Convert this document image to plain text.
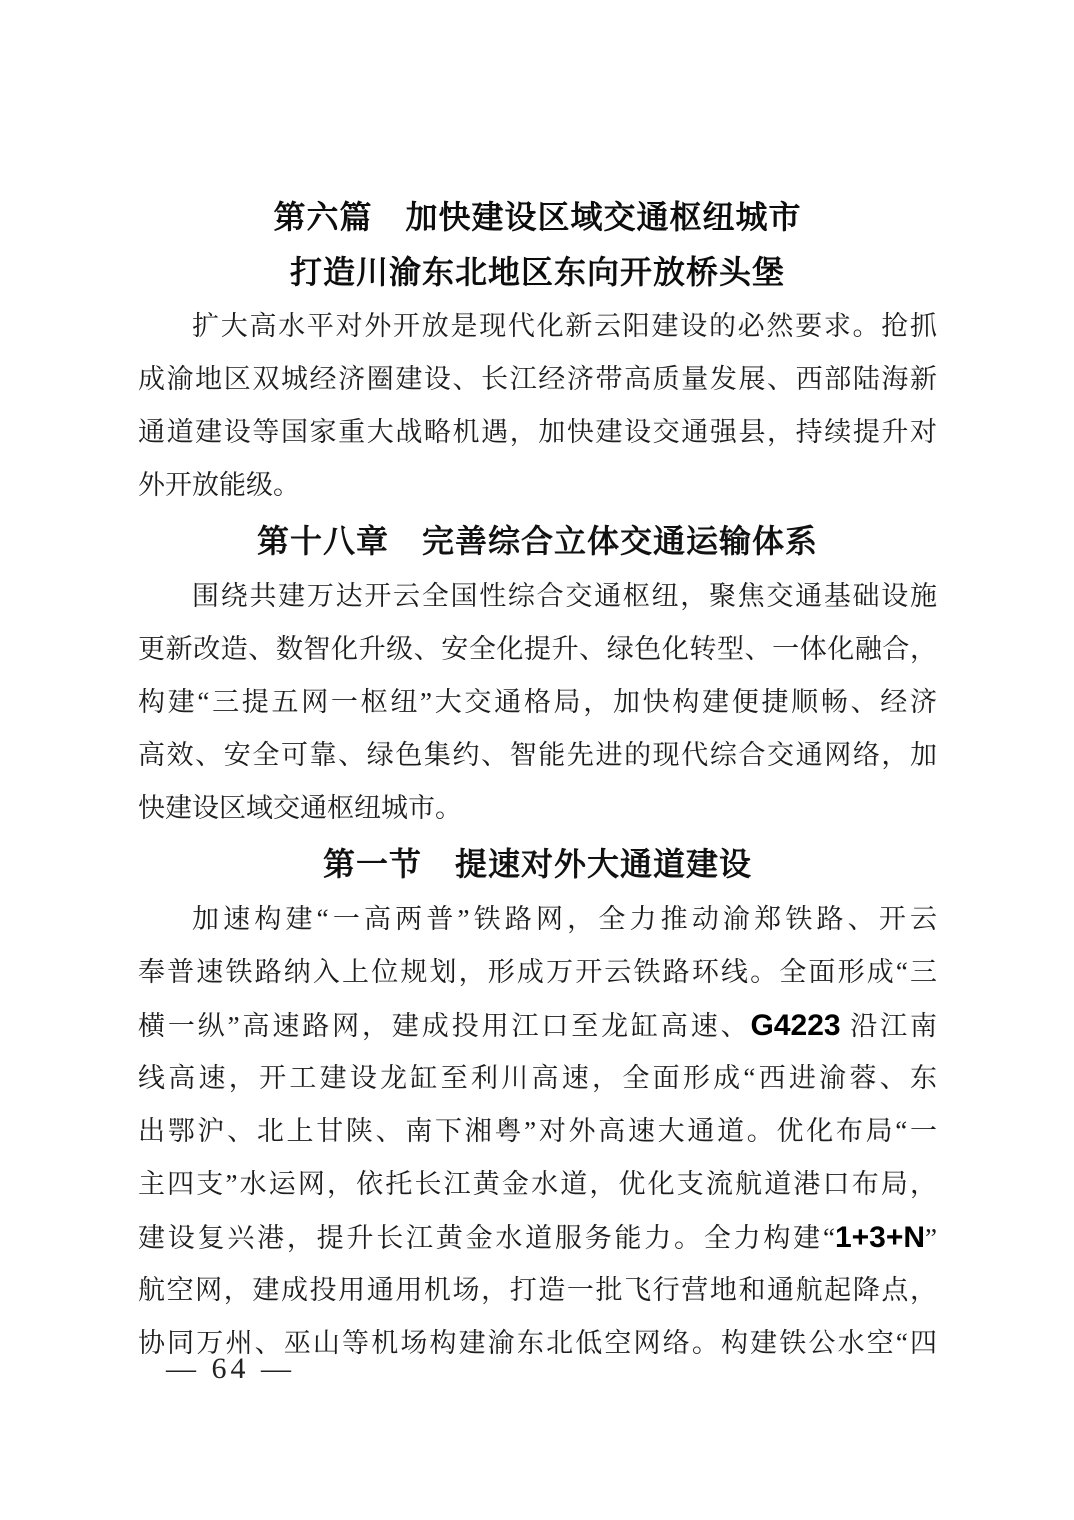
第六篇　加快建设区域交通枢纽城市
打造川渝东北地区东向开放桥头堡
扩大高水平对外开放是现代化新云阳建设的必然要求。抢抓
成渝地区双城经济圈建设、长江经济带高质量发展、西部陆海新
通道建设等国家重大战略机遇，加快建设交通强县，持续提升对
外开放能级。
第十八章　完善综合立体交通运输体系
围绕共建万达开云全国性综合交通枢纽，聚焦交通基础设施
更新改造、数智化升级、安全化提升、绿色化转型、一体化融合，
构建“三提五网一枢纽”大交通格局，加快构建便捷顺畅、经济
高效、安全可靠、绿色集约、智能先进的现代综合交通网络，加
快建设区域交通枢纽城市。
第一节　提速对外大通道建设
加速构建“一高两普”铁路网，全力推动渝郑铁路、开云
奉普速铁路纳入上位规划，形成万开云铁路环线。全面形成“三
横一纵”高速路网，建成投用江口至龙缸高速、G4223 沿江南
线高速，开工建设龙缸至利川高速，全面形成“西进渝蓉、东
出鄂沪、北上甘陕、南下湘粤”对外高速大通道。优化布局“一
主四支”水运网，依托长江黄金水道，优化支流航道港口布局，
建设复兴港，提升长江黄金水道服务能力。全力构建“1+3+N”
航空网，建成投用通用机场，打造一批飞行营地和通航起降点，
协同万州、巫山等机场构建渝东北低空网络。构建铁公水空“四
— 64 —
